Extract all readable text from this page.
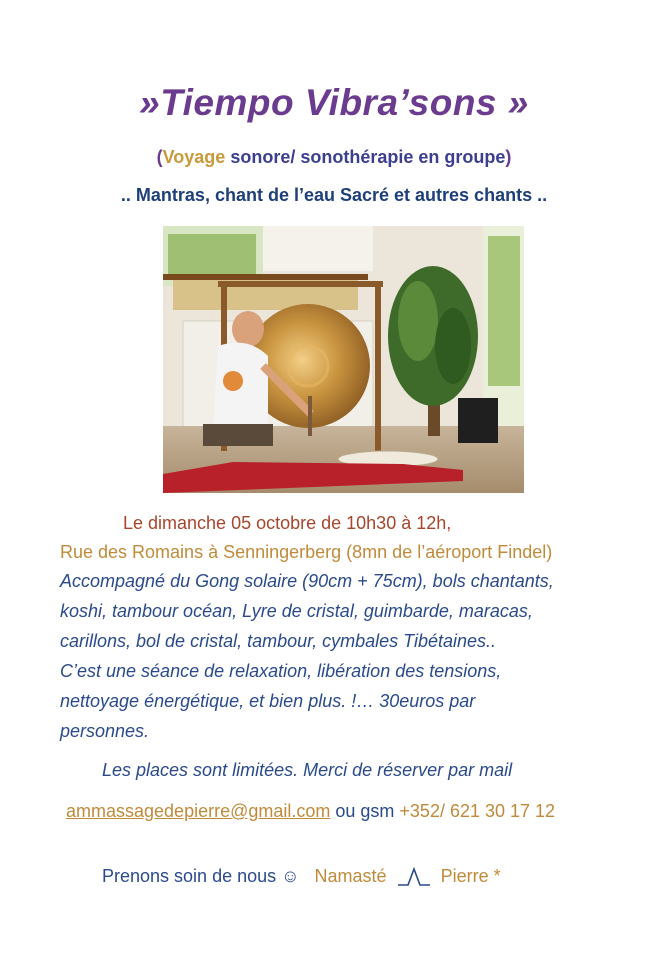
»Tiempo Vibra’sons »
(Voyage sonore/ sonothérapie en groupe)
.. Mantras, chant de l’eau Sacré et autres chants ..
Le dimanche 05 octobre de 10h30 à 12h,
Rue des Romains à Senningerberg (8mn de l’aéroport Findel)
Accompagné du Gong solaire (90cm + 75cm), bols chantants,
koshi, tambour océan, Lyre de cristal, guimbarde, maracas,
carillons, bol de cristal, tambour, cymbales Tibétaines..
C’est une séance de relaxation, libération des tensions,
nettoyage énergétique, et bien plus. !… 30euros par
personnes.
Les places sont limitées. Merci de réserver par mail
ammassagedepierre@gmail.com ou gsm +352/ 621 30 17 12
Prenons soin de nous ☺ Namasté	Pierre *
